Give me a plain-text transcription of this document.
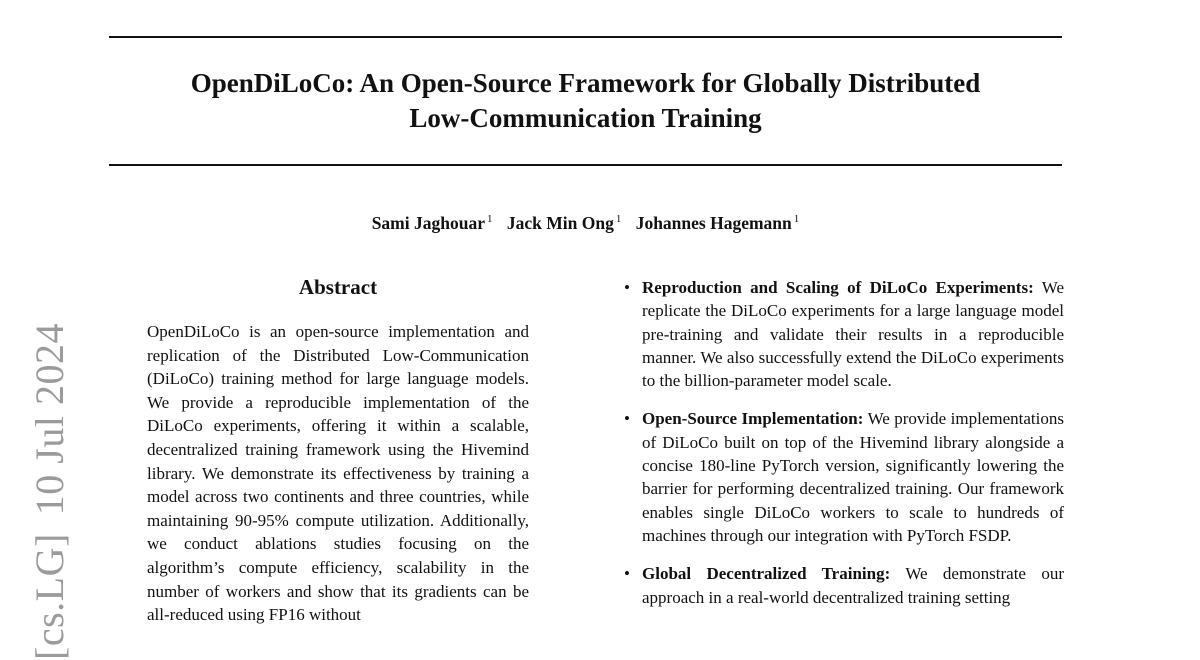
[cs.LG]10 Jul 2024
OpenDiLoCo: An Open-Source Framework for Globally Distributed
Low-Communication Training
Sami Jaghouar $^1$ Jack Min Ong $^1$ Johannes Hagemann $^1$
Abstract
OpenDiLoCo is an open-source implementation and replication of the Distributed Low-Communication (DiLoCo) training method for large language models. We provide a reproducible implementation of the DiLoCo experiments, offering it within a scalable, decentralized training framework using the Hivemind library. We demonstrate its effectiveness by training a model across two continents and three countries, while maintaining 90-95% compute utilization. Additionally, we conduct ablations studies focusing on the algorithm’s compute efficiency, scalability in the number of workers and show that its gradients can be all-reduced using FP16 without
• Reproduction and Scaling of DiLoCo Experiments: We replicate the DiLoCo experiments for a large language model pre-training and validate their results in a reproducible manner. We also successfully extend the DiLoCo experiments to the billion-parameter model scale.
• Open-Source Implementation: We provide implementations of DiLoCo built on top of the Hivemind library alongside a concise 180-line PyTorch version, significantly lowering the barrier for performing decentralized training. Our framework enables single DiLoCo workers to scale to hundreds of machines through our integration with PyTorch FSDP.
• Global Decentralized Training: We demonstrate our approach in a real-world decentralized training setting
